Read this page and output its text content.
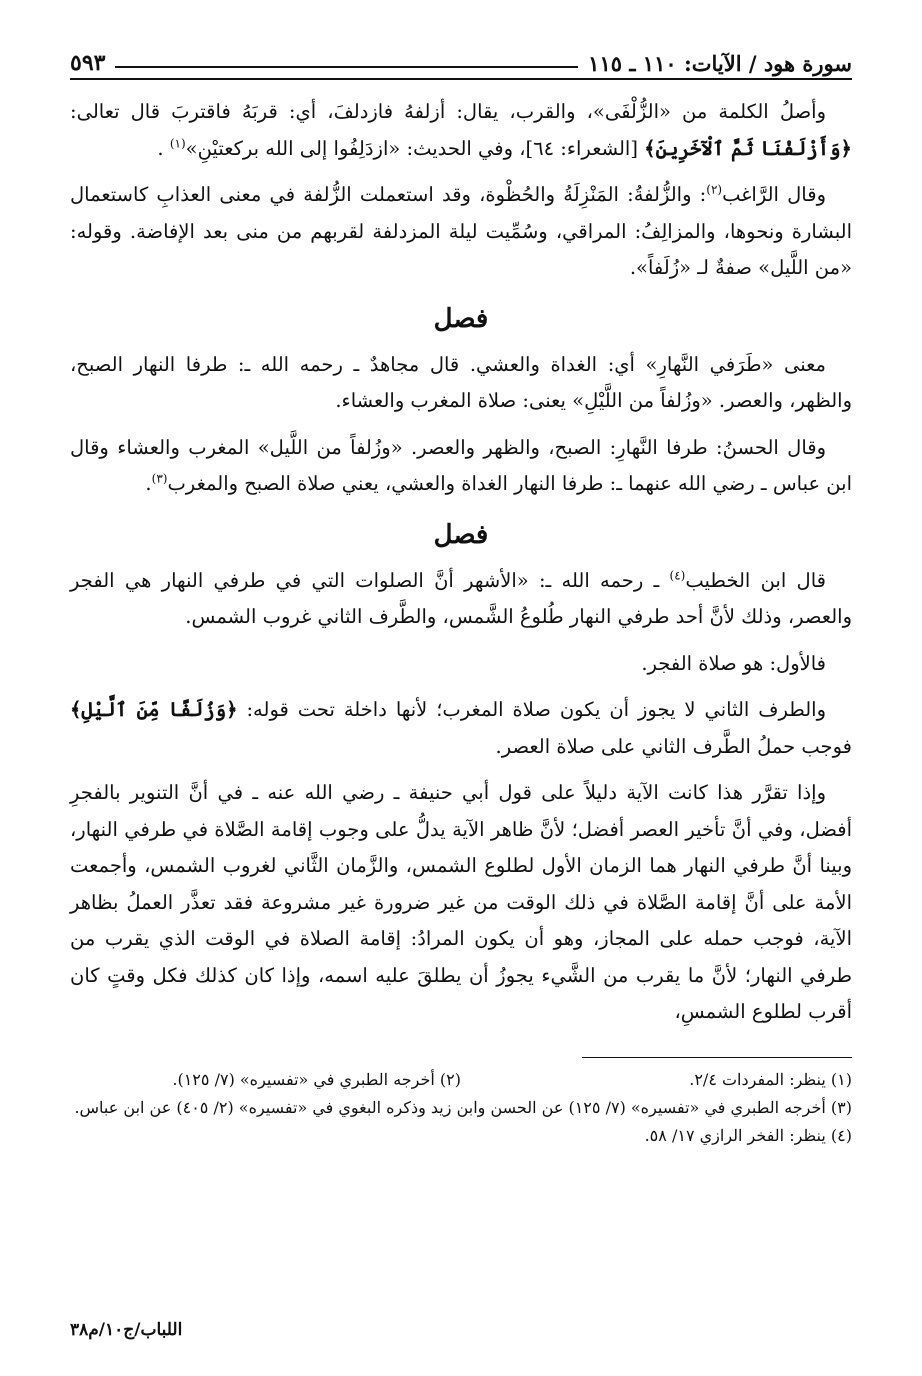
سورة هود / الآيات: ١١٠ ـ ١١٥
٥٩٣

وأصلُ الكلمة من «الزُّلْفَى»، والقرب، يقال: أزلفهُ فازدلفَ، أي: قربَهُ فاقتربَ قال تعالى: ﴿وَأَزْلَفْنَا ثَمَّ ٱلْآخَرِينَ﴾ [الشعراء: ٦٤]، وفي الحديث: «ازدَلِفُوا إلى الله بركعتيْنِ»$^{(١)}$ .

وقال الرَّاغب$^{(٢)}$: والزُّلفةُ: المَنْزِلَةُ والحُظْوة، وقد استعملت الزُّلفة في معنى العذابِ كاستعمال البشارة ونحوها، والمزالِفُ: المراقي، وسُمِّيت ليلة المزدلفة لقربهم من منى بعد الإفاضة. وقوله: «من اللَّيل» صفةٌ لـ «زُلَفاً».

فصل

معنى «طَرَفي النَّهارِ» أي: الغداة والعشي. قال مجاهدٌ ـ رحمه الله ـ: طرفا النهار الصبح، والظهر، والعصر. «وزُلفاً من اللَّيْلِ» يعنى: صلاة المغرب والعشاء.

وقال الحسنُ: طرفا النَّهارِ: الصبح، والظهر والعصر. «وزُلفاً من اللَّيل» المغرب والعشاء وقال ابن عباس ـ رضي الله عنهما ـ: طرفا النهار الغداة والعشي، يعني صلاة الصبح والمغرب$^{(٣)}$.

فصل

قال ابن الخطيب$^{(٤)}$ ـ رحمه الله ـ: «الأشهر أنَّ الصلوات التي في طرفي النهار هي الفجر والعصر، وذلك لأنَّ أحد طرفي النهار طُلوعُ الشَّمس، والطَّرف الثاني غروب الشمس.

فالأول: هو صلاة الفجر.

والطرف الثاني لا يجوز أن يكون صلاة المغرب؛ لأنها داخلة تحت قوله: ﴿وَزُلَفًا مِّنَ ٱلَّيْلِ﴾ فوجب حملُ الطَّرف الثاني على صلاة العصر.

وإذا تقرَّر هذا كانت الآية دليلاً على قول أبي حنيفة ـ رضي الله عنه ـ في أنَّ التنوير بالفجرِ أفضل، وفي أنَّ تأخير العصر أفضل؛ لأنَّ ظاهر الآية يدلُّ على وجوب إقامة الصَّلاة في طرفي النهار، وبينا أنَّ طرفي النهار هما الزمان الأول لطلوع الشمس، والزَّمان الثَّاني لغروب الشمس، وأجمعت الأمة على أنَّ إقامة الصَّلاة في ذلك الوقت من غير ضرورة غير مشروعة فقد تعذَّر العملُ بظاهر الآية، فوجب حمله على المجاز، وهو أن يكون المرادُ: إقامة الصلاة في الوقت الذي يقرب من طرفي النهار؛ لأنَّ ما يقرب من الشَّيء يجوزُ أن يطلقَ عليه اسمه، وإذا كان كذلك فكل وقتٍ كان أقرب لطلوع الشمسِ،

(١) ينظر: المفردات ٢/٤.
(٢) أخرجه الطبري في «تفسيره» (٧/ ١٢٥).

(٣) أخرجه الطبري في «تفسيره» (٧/ ١٢٥) عن الحسن وابن زيد وذكره البغوي في «تفسيره» (٢/ ٤٠٥) عن ابن عباس.

(٤) ينظر: الفخر الرازي ١٧/ ٥٨.

اللباب/ج١٠/م٣٨
